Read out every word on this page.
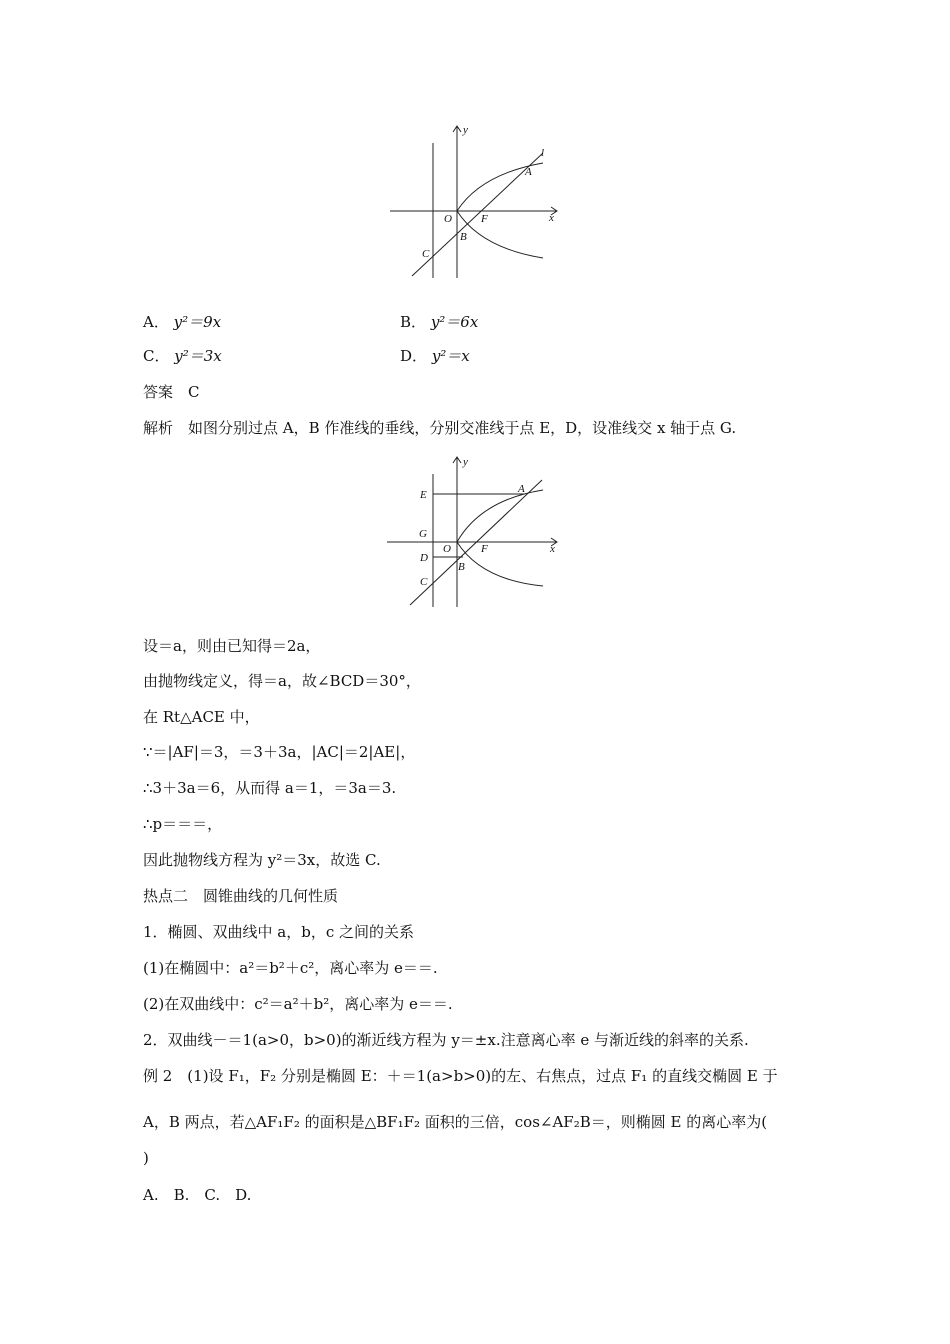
y
l
A
O	F	x
B
C
A． y²＝9x	B． y²＝6x
C． y²＝3x	D． y²＝x
答案　 C
解析　 如图分别过点 A，B 作准线的垂线，分别交准线于点 E，D，设准线交 x 轴于点 G.
y
E	A
G
O	F	x
D
B
C
设＝a，则由已知得＝2a，
由抛物线定义，得＝a，故∠BCD＝30°，
在 Rt△ACE 中，
∵＝|AF|＝3，＝3＋3a，|AC|＝2|AE|，
∴3＋3a＝6，从而得 a＝1，＝3a＝3.
∴p＝＝＝，
因此抛物线方程为 y²＝3x，故选 C.
热点二　圆锥曲线的几何性质
1．椭圆、双曲线中 a，b，c 之间的关系
(1)在椭圆中：a²＝b²＋c²，离心率为 e＝＝.
(2)在双曲线中：c²＝a²＋b²，离心率为 e＝＝.
2．双曲线－＝1(a>0，b>0)的渐近线方程为 y＝±x.注意离心率 e 与渐近线的斜率的关系.
例 2　(1)设 F₁，F₂ 分别是椭圆 E：＋＝1(a>b>0)的左、右焦点，过点 F₁ 的直线交椭圆 E 于
A，B 两点，若△AF₁F₂ 的面积是△BF₁F₂ 面积的三倍，cos∠AF₂B＝，则椭圆 E 的离心率为(
)
A.　B.　C.　D.
